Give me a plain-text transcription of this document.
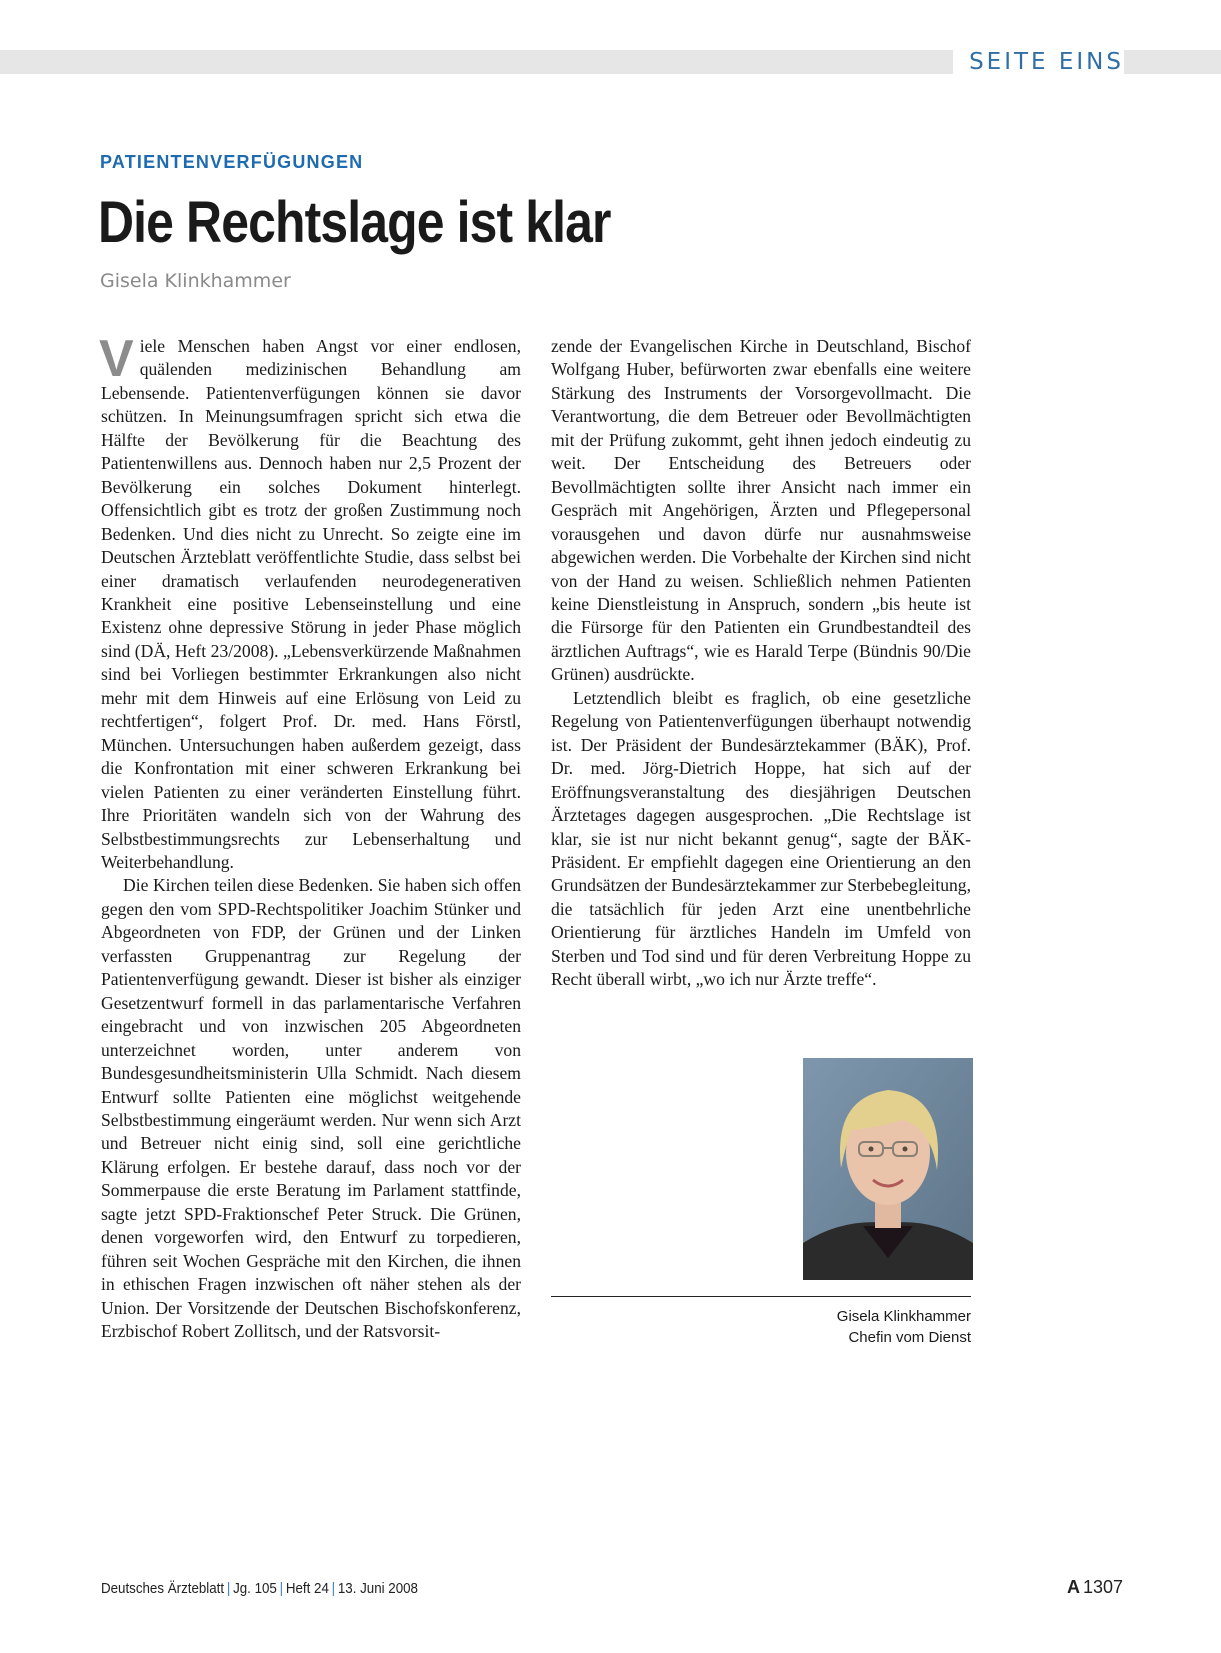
SEITE EINS
PATIENTENVERFÜGUNGEN
Die Rechtslage ist klar
Gisela Klinkhammer

Viele Menschen haben Angst vor einer endlosen, quälenden medizinischen Behandlung am Lebensende. Patientenverfügungen können sie davor schützen. In Meinungsumfragen spricht sich etwa die Hälfte der Bevölkerung für die Beachtung des Patientenwillens aus. Dennoch haben nur 2,5 Prozent der Bevölkerung ein solches Dokument hinterlegt. Offensichtlich gibt es trotz der großen Zustimmung noch Bedenken. Und dies nicht zu Unrecht. So zeigte eine im Deutschen Ärzteblatt veröffentlichte Studie, dass selbst bei einer dramatisch verlaufenden neurodegenerativen Krankheit eine positive Lebenseinstellung und eine Existenz ohne depressive Störung in jeder Phase möglich sind (DÄ, Heft 23/2008). „Lebensverkürzende Maßnahmen sind bei Vorliegen bestimmter Erkrankungen also nicht mehr mit dem Hinweis auf eine Erlösung von Leid zu rechtfertigen“, folgert Prof. Dr. med. Hans Förstl, München. Untersuchungen haben außerdem gezeigt, dass die Konfrontation mit einer schweren Erkrankung bei vielen Patienten zu einer veränderten Einstellung führt. Ihre Prioritäten wandeln sich von der Wahrung des Selbstbestimmungsrechts zur Lebenserhaltung und Weiterbehandlung.

Die Kirchen teilen diese Bedenken. Sie haben sich offen gegen den vom SPD-Rechtspolitiker Joachim Stünker und Abgeordneten von FDP, der Grünen und der Linken verfassten Gruppenantrag zur Regelung der Patientenverfügung gewandt. Dieser ist bisher als einziger Gesetzentwurf formell in das parlamentarische Verfahren eingebracht und von inzwischen 205 Abgeordneten unterzeichnet worden, unter anderem von Bundesgesundheitsministerin Ulla Schmidt. Nach diesem Entwurf sollte Patienten eine möglichst weitgehende Selbstbestimmung eingeräumt werden. Nur wenn sich Arzt und Betreuer nicht einig sind, soll eine gerichtliche Klärung erfolgen. Er bestehe darauf, dass noch vor der Sommerpause die erste Beratung im Parlament stattfinde, sagte jetzt SPD-Fraktionschef Peter Struck. Die Grünen, denen vorgeworfen wird, den Entwurf zu torpedieren, führen seit Wochen Gespräche mit den Kirchen, die ihnen in ethischen Fragen inzwischen oft näher stehen als der Union. Der Vorsitzende der Deutschen Bischofskonferenz, Erzbischof Robert Zollitsch, und der Ratsvorsit-

zende der Evangelischen Kirche in Deutschland, Bischof Wolfgang Huber, befürworten zwar ebenfalls eine weitere Stärkung des Instruments der Vorsorgevollmacht. Die Verantwortung, die dem Betreuer oder Bevollmächtigten mit der Prüfung zukommt, geht ihnen jedoch eindeutig zu weit. Der Entscheidung des Betreuers oder Bevollmächtigten sollte ihrer Ansicht nach immer ein Gespräch mit Angehörigen, Ärzten und Pflegepersonal vorausgehen und davon dürfe nur ausnahmsweise abgewichen werden. Die Vorbehalte der Kirchen sind nicht von der Hand zu weisen. Schließlich nehmen Patienten keine Dienstleistung in Anspruch, sondern „bis heute ist die Fürsorge für den Patienten ein Grundbestandteil des ärztlichen Auftrags“, wie es Harald Terpe (Bündnis 90/Die Grünen) ausdrückte.

Letztendlich bleibt es fraglich, ob eine gesetzliche Regelung von Patientenverfügungen überhaupt notwendig ist. Der Präsident der Bundesärztekammer (BÄK), Prof. Dr. med. Jörg-Dietrich Hoppe, hat sich auf der Eröffnungsveranstaltung des diesjährigen Deutschen Ärztetages dagegen ausgesprochen. „Die Rechtslage ist klar, sie ist nur nicht bekannt genug“, sagte der BÄK-Präsident. Er empfiehlt dagegen eine Orientierung an den Grundsätzen der Bundesärztekammer zur Sterbebegleitung, die tatsächlich für jeden Arzt eine unentbehrliche Orientierung für ärztliches Handeln im Umfeld von Sterben und Tod sind und für deren Verbreitung Hoppe zu Recht überall wirbt, „wo ich nur Ärzte treffe“.

Gisela Klinkhammer
Chefin vom Dienst
Deutsches Ärzteblatt | Jg. 105 | Heft 24 | 13. Juni 2008	A 1307
